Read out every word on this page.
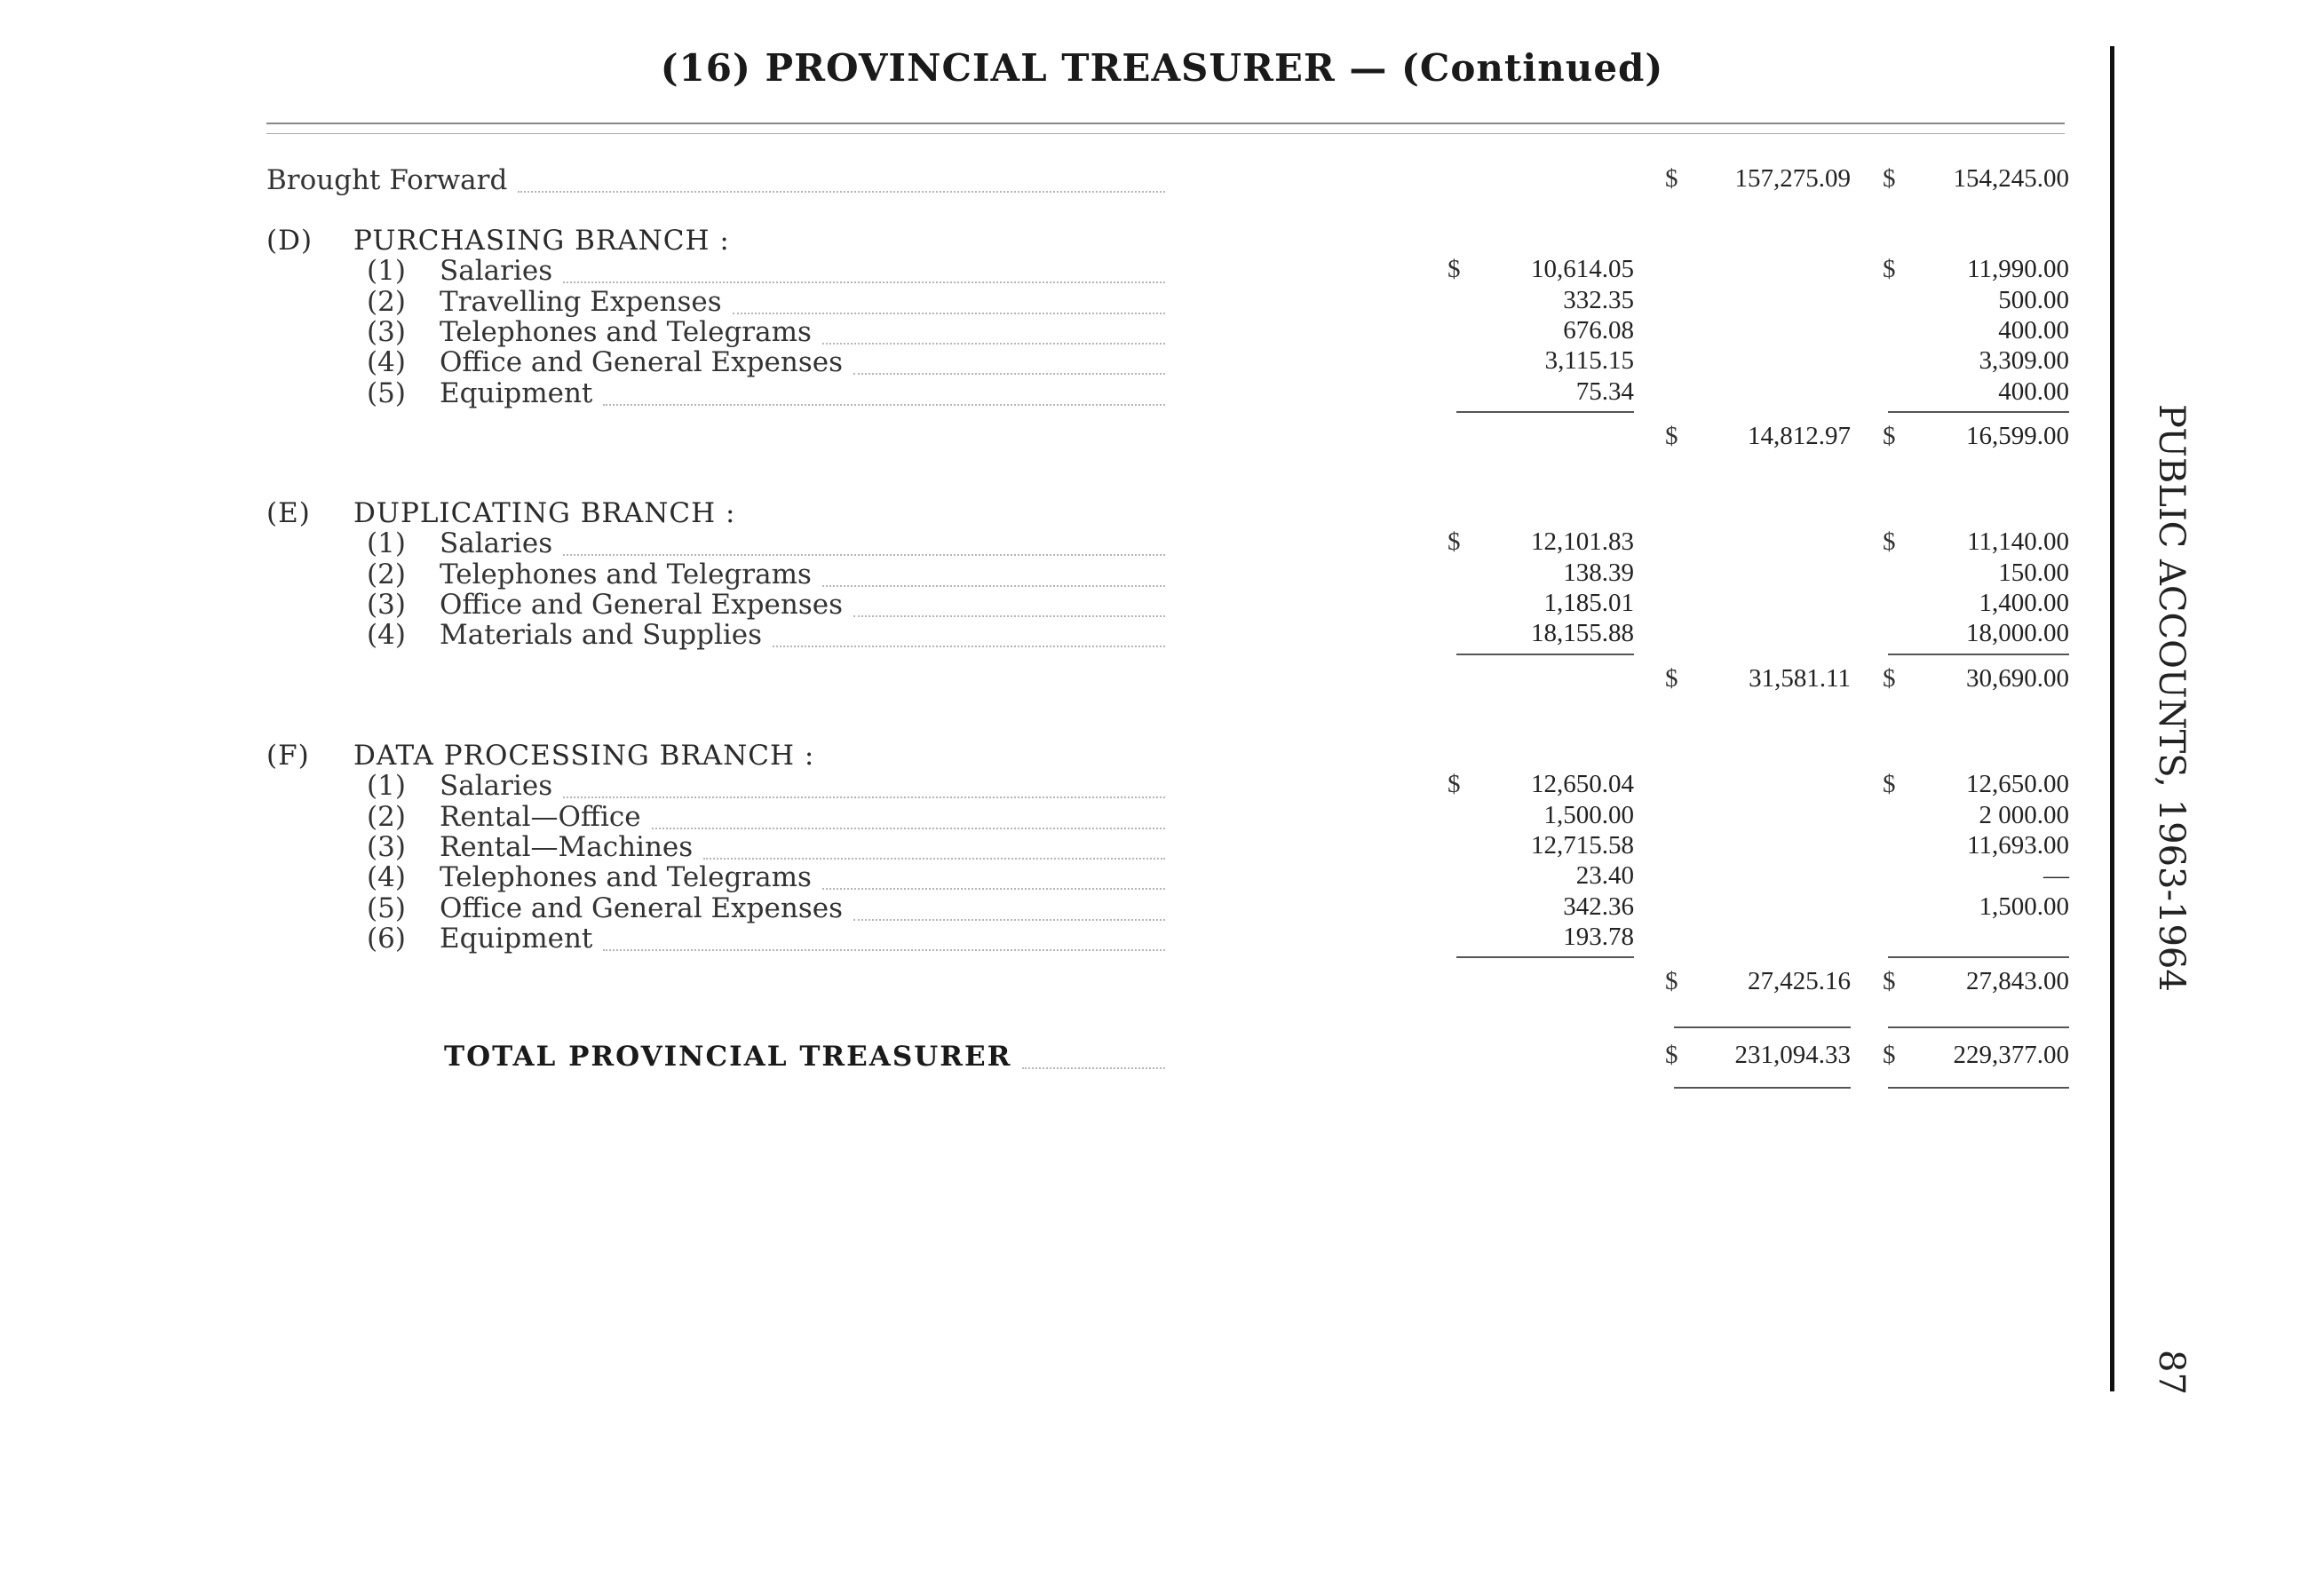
(16) PROVINCIAL TREASURER — (Continued)
Brought Forward	$ 157,275.09 $ 154,245.00
(D) PURCHASING BRANCH :
(1) Salaries	$	10,614.05	$	11,990.00
(2) Travelling Expenses	332.35	500.00
(3) Telephones and Telegrams	676.08	400.00
(4) Office and General Expenses	3,115.15	3,309.00
(5) Equipment	75.34	400.00
$	14,812.97 $	16,599.00
(E) DUPLICATING BRANCH :
(1) Salaries	$	12,101.83	$	11,140.00
(2) Telephones and Telegrams	138.39	150.00
(3) Office and General Expenses	1,185.01	1,400.00
(4) Materials and Supplies	18,155.88	18,000.00
$	31,581.11 $	30,690.00
(F) DATA PROCESSING BRANCH :
(1) Salaries	$	12,650.04	$	12,650.00
(2) Rental—Office	1,500.00	2 000.00
(3) Rental—Machines	12,715.58	11,693.00
(4) Telephones and Telegrams	23.40	—
(5) Office and General Expenses	342.36	1,500.00
(6) Equipment	193.78
$	27,425.16 $	27,843.00
TOTAL PROVINCIAL TREASURER	$ 231,094.33 $ 229,377.00
PUBLIC ACCOUNTS, 1963-1964
87
